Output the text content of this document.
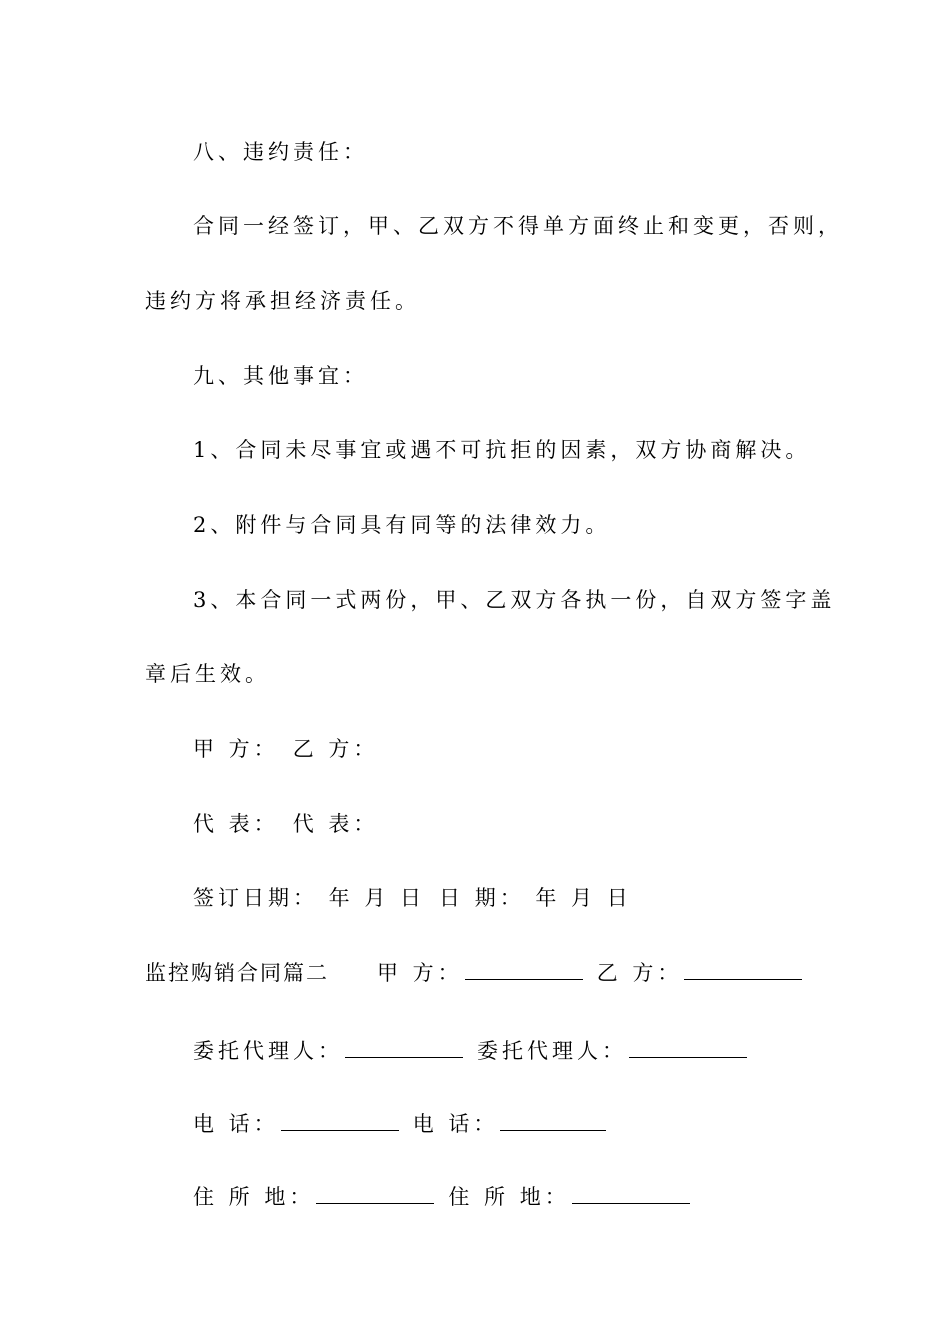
八、违约责任：
合同一经签订，甲、乙双方不得单方面终止和变更，否则，
违约方将承担经济责任。
九、其他事宜：
1、合同未尽事宜或遇不可抗拒的因素，双方协商解决。
2、附件与合同具有同等的法律效力。
3、本合同一式两份，甲、乙双方各执一份，自双方签字盖
章后生效。
甲 方： 乙 方：
代 表： 代 表：
签订日期： 年 月 日 日 期： 年 月 日
监控购销合同篇二 甲 方：	乙 方：
委托代理人：	委托代理人：
电 话：	电 话：
住 所 地：	住 所 地：
